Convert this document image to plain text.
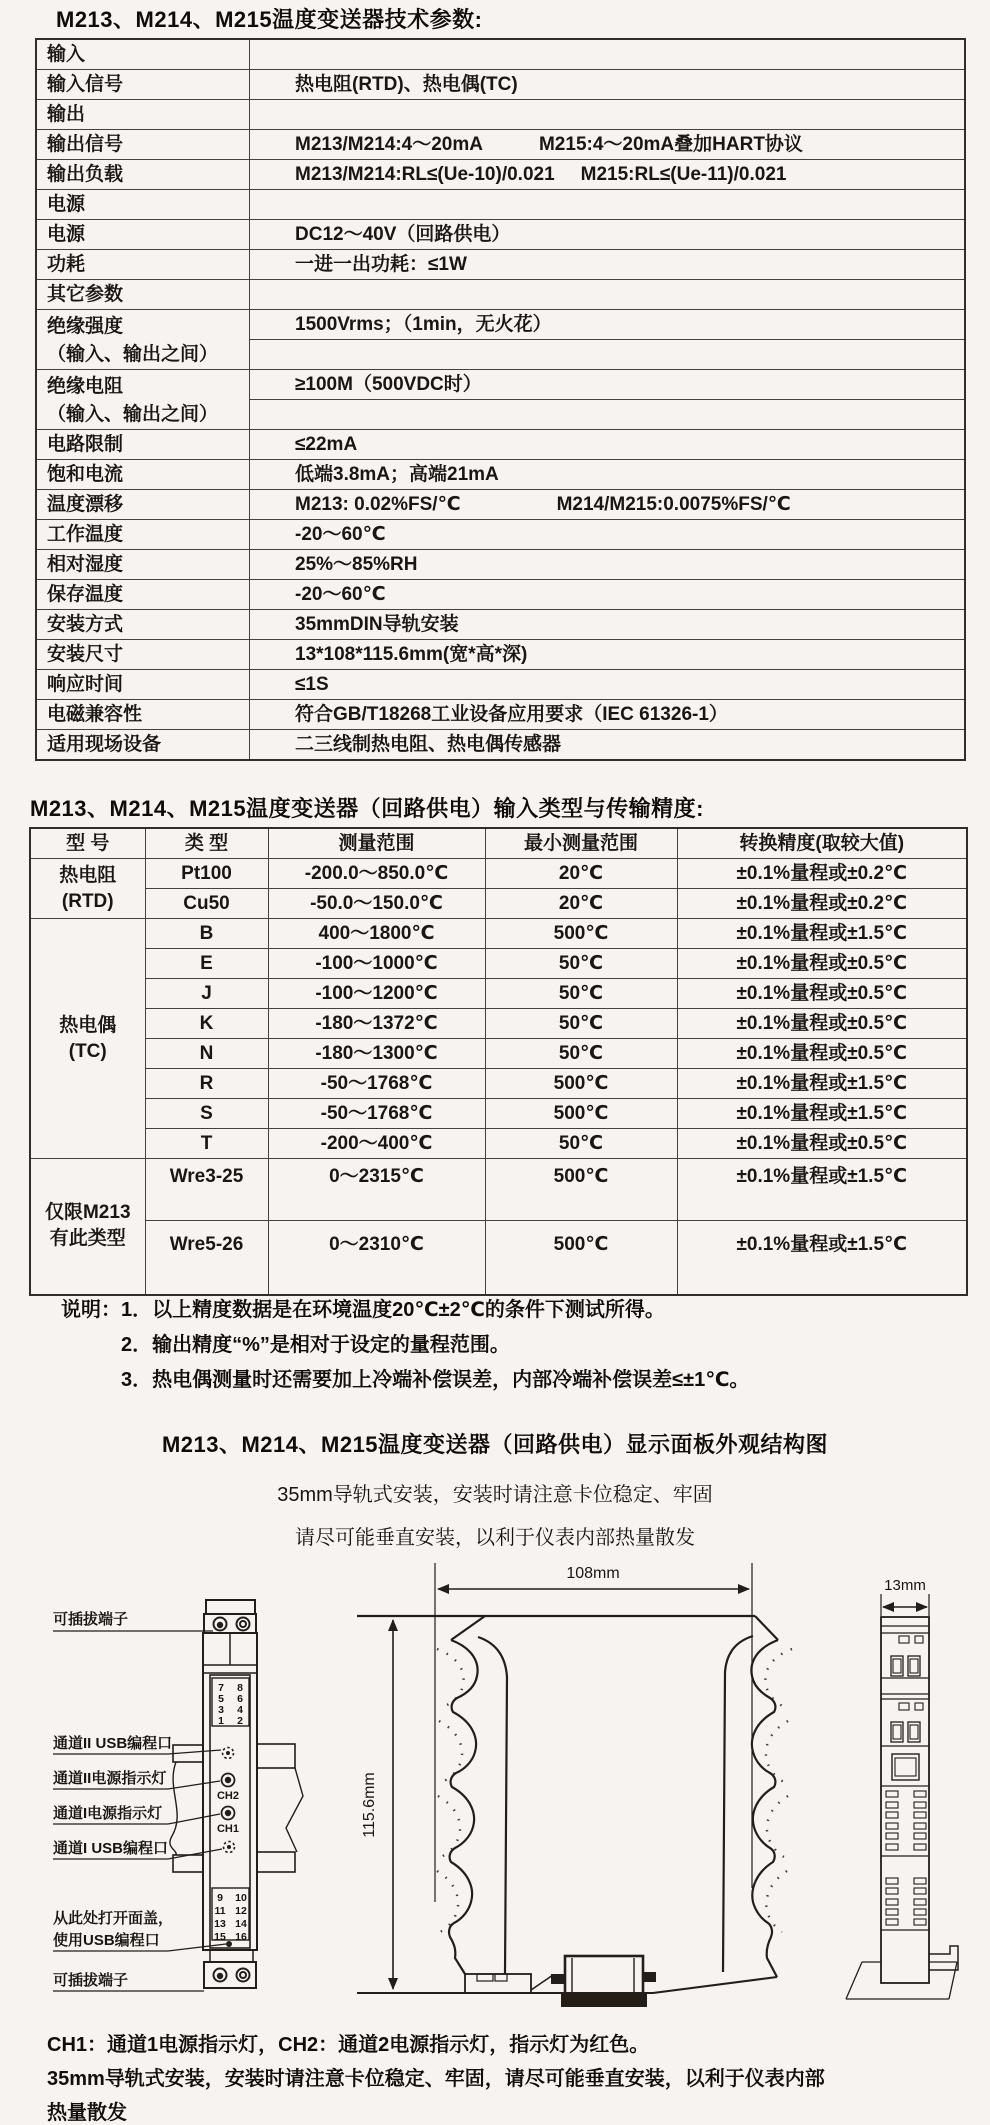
M213、M214、M215温度变送器技术参数:
输入	
输入信号	热电阻(RTD)、热电偶(TC)
输出	
输出信号	M213/M214:4～20mA M215:4～20mA叠加HART协议
输出负载	M213/M214:RL≤(Ue-10)/0.021 M215:RL≤(Ue-11)/0.021
电源	
电源	DC12～40V（回路供电）
功耗	一进一出功耗：≤1W
其它参数	

绝缘强度
（输入、输出之间）	1500Vrms；（1min，无火花）

绝缘电阻
（输入、输出之间）	≥100M（500VDC时）

电路限制	≤22mA
饱和电流	低端3.8mA；高端21mA
温度漂移	M213: 0.02%FS/℃ M214/M215:0.0075%FS/℃
工作温度	-20～60℃
相对湿度	25%～85%RH
保存温度	-20～60℃
安装方式	35mmDIN导轨安装
安装尺寸	13*108*115.6mm(宽*高*深)
响应时间	≤1S
电磁兼容性	符合GB/T18268工业设备应用要求（IEC 61326-1）
适用现场设备	二三线制热电阻、热电偶传感器
M213、M214、M215温度变送器（回路供电）输入类型与传输精度:
型 号	类 型	测量范围	最小测量范围	转换精度(取较大值)

热电阻
(RTD)	Pt100	-200.0～850.0℃	20℃	±0.1%量程或±0.2℃
	Cu50	-50.0～150.0℃	20℃	±0.1%量程或±0.2℃

热电偶
(TC)	B	400～1800℃	500℃	±0.1%量程或±1.5℃
	E	-100～1000℃	50℃	±0.1%量程或±0.5℃
	J	-100～1200℃	50℃	±0.1%量程或±0.5℃
	K	-180～1372℃	50℃	±0.1%量程或±0.5℃
	N	-180～1300℃	50℃	±0.1%量程或±0.5℃
	R	-50～1768℃	500℃	±0.1%量程或±1.5℃
	S	-50～1768℃	500℃	±0.1%量程或±1.5℃
	T	-200～400℃	50℃	±0.1%量程或±0.5℃

仅限M213
有此类型	Wre3-25	0～2315℃	500℃	±0.1%量程或±1.5℃
	Wre5-26	0～2310℃	500℃	±0.1%量程或±1.5℃
说明：1．以上精度数据是在环境温度20℃±2℃的条件下测试所得。
2．输出精度“%”是相对于设定的量程范围。
3．热电偶测量时还需要加上冷端补偿误差，内部冷端补偿误差≤±1℃。
M213、M214、M215温度变送器（回路供电）显示面板外观结构图
35mm导轨式安装，安装时请注意卡位稳定、牢固
请尽可能垂直安装，以利于仪表内部热量散发
7 8
5 6
3 4
1 2
CH2
CH1
9 10
11 12
13 14
15 16
可插拔端子
通道II USB编程口
通道II电源指示灯
通道I电源指示灯
通道I USB编程口
从此处打开面盖，
使用USB编程口
可插拔端子
108mm
115.6mm
13mm
CH1：通道1电源指示灯，CH2：通道2电源指示灯，指示灯为红色。
35mm导轨式安装，安装时请注意卡位稳定、牢固，请尽可能垂直安装，以利于仪表内部
热量散发
